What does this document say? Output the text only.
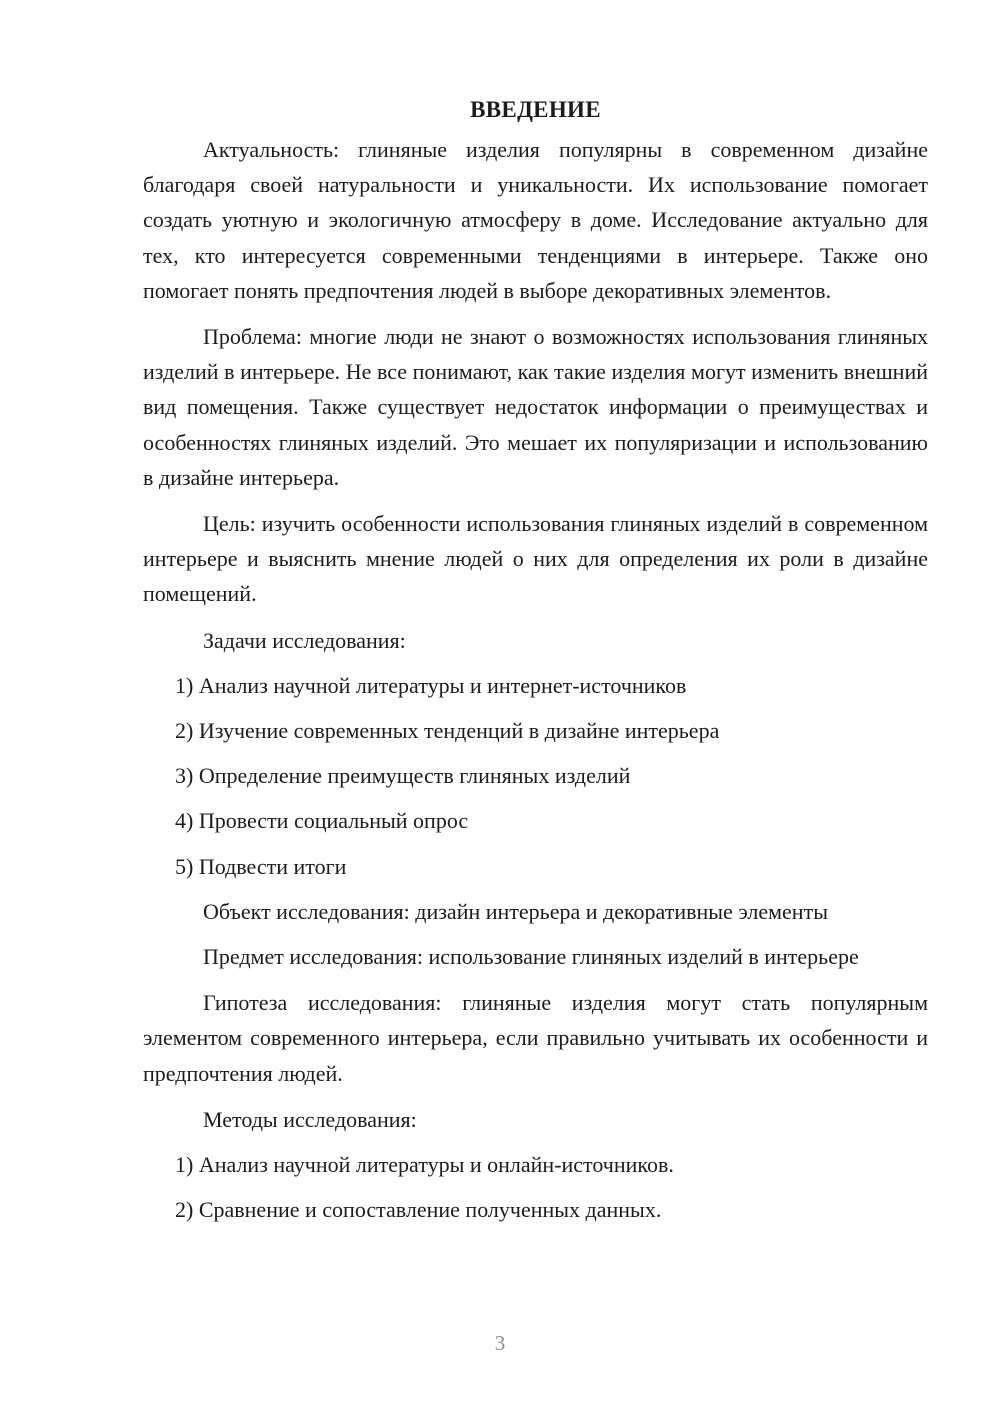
ВВЕДЕНИЕ

Актуальность: глиняные изделия популярны в современном дизайне благодаря своей натуральности и уникальности. Их использование помогает создать уютную и экологичную атмосферу в доме. Исследование актуально для тех, кто интересуется современными тенденциями в интерьере. Также оно помогает понять предпочтения людей в выборе декоративных элементов.

Проблема: многие люди не знают о возможностях использования глиняных изделий в интерьере. Не все понимают, как такие изделия могут изменить внешний вид помещения. Также существует недостаток информации о преимуществах и особенностях глиняных изделий. Это мешает их популяризации и использованию в дизайне интерьера.

Цель: изучить особенности использования глиняных изделий в современном интерьере и выяснить мнение людей о них для определения их роли в дизайне помещений.

Задачи исследования:

1) Анализ научной литературы и интернет-источников

2) Изучение современных тенденций в дизайне интерьера

3) Определение преимуществ глиняных изделий

4) Провести социальный опрос

5) Подвести итоги

Объект исследования: дизайн интерьера и декоративные элементы

Предмет исследования: использование глиняных изделий в интерьере

Гипотеза исследования: глиняные изделия могут стать популярным элементом современного интерьера, если правильно учитывать их особенности и предпочтения людей.

Методы исследования:

1) Анализ научной литературы и онлайн-источников.

2) Сравнение и сопоставление полученных данных.

3
